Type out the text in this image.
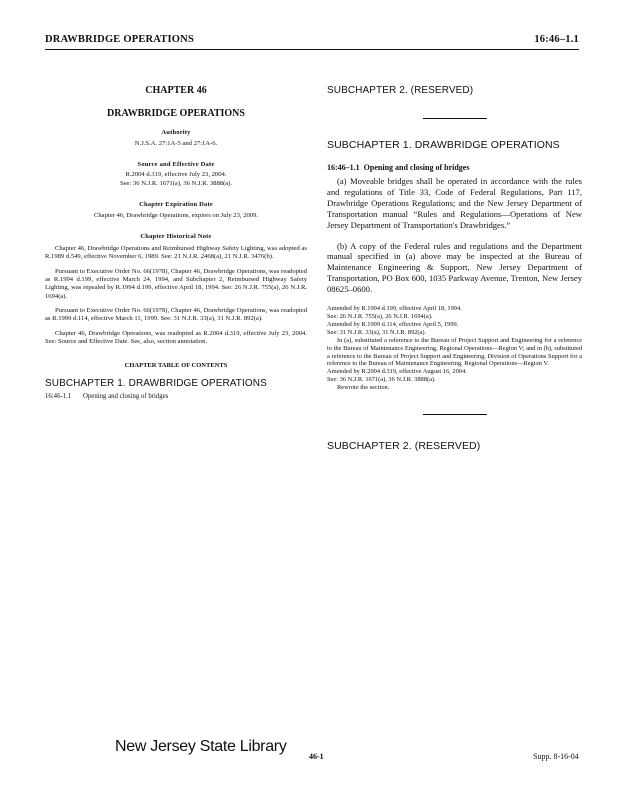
DRAWBRIDGE OPERATIONS	16:46–1.1
CHAPTER 46
DRAWBRIDGE OPERATIONS
Authority
N.J.S.A. 27:1A-5 and 27:1A-6.
Source and Effective Date
R.2004 d.319, effective July 23, 2004.
See: 36 N.J.R. 1671(a), 36 N.J.R. 3888(a).
Chapter Expiration Date
Chapter 46, Drawbridge Operations, expires on July 23, 2009.
Chapter Historical Note
Chapter 46, Drawbridge Operations and Reimbursed Highway Safety Lighting, was adopted as R.1989 d.549, effective November 6, 1989. See: 21 N.J.R. 2468(a), 21 N.J.R. 3476(b).
Pursuant to Executive Order No. 66(1978), Chapter 46, Drawbridge Operations, was readopted as R.1994 d.199, effective March 24, 1994, and Subchapter 2, Reimbursed Highway Safety Lighting, was repealed by R.1994 d.199, effective April 18, 1994. See: 26 N.J.R. 755(a), 26 N.J.R. 1694(a).
Pursuant to Executive Order No. 66(1978), Chapter 46, Drawbridge Operations, was readopted as R.1999 d.114, effective March 11, 1999. See: 31 N.J.R. 33(a), 31 N.J.R. 892(a).
Chapter 46, Drawbridge Operations, was readopted as R.2004 d.319, effective July 23, 2004. See: Source and Effective Date. See, also, section annotation.
CHAPTER TABLE OF CONTENTS
SUBCHAPTER 1. DRAWBRIDGE OPERATIONS
16:46-1.1 Opening and closing of bridges
SUBCHAPTER 2. (RESERVED)
SUBCHAPTER 1. DRAWBRIDGE OPERATIONS
16:46–1.1 Opening and closing of bridges
(a) Moveable bridges shall be operated in accordance with the rules and regulations of Title 33, Code of Federal Regulations, Part 117, Drawbridge Operations Regulations; and the New Jersey Department of Transportation manual “Rules and Regulations—Operations of New Jersey Department of Transportation's Drawbridges.”
(b) A copy of the Federal rules and regulations and the Department manual specified in (a) above may be inspected at the Bureau of Maintenance Engineering & Support, New Jersey Department of Transportation, PO Box 600, 1035 Parkway Avenue, Trenton, New Jersey 08625–0600.
Amended by R.1994 d.199, effective April 18, 1994.
See: 26 N.J.R. 755(a), 26 N.J.R. 1694(a).
Amended by R.1999 d.114, effective April 5, 1999.
See: 31 N.J.R. 33(a), 31 N.J.R. 892(a).
In (a), substituted a reference to the Bureau of Project Support and Engineering for a reference to the Bureau of Maintenance Engineering, Regional Operations—Region V; and in (b), substituted a reference to the Bureau of Project Support and Engineering, Division of Operations Support for a reference to the Bureau of Maintenance Engineering, Regional Operations—Region V.
Amended by R.2004 d.319, effective August 16, 2004.
See: 36 N.J.R. 1671(a), 36 N.J.R. 3888(a).
Rewrote the section.
SUBCHAPTER 2. (RESERVED)
New Jersey State Library
46-1	Supp. 8-16-04
